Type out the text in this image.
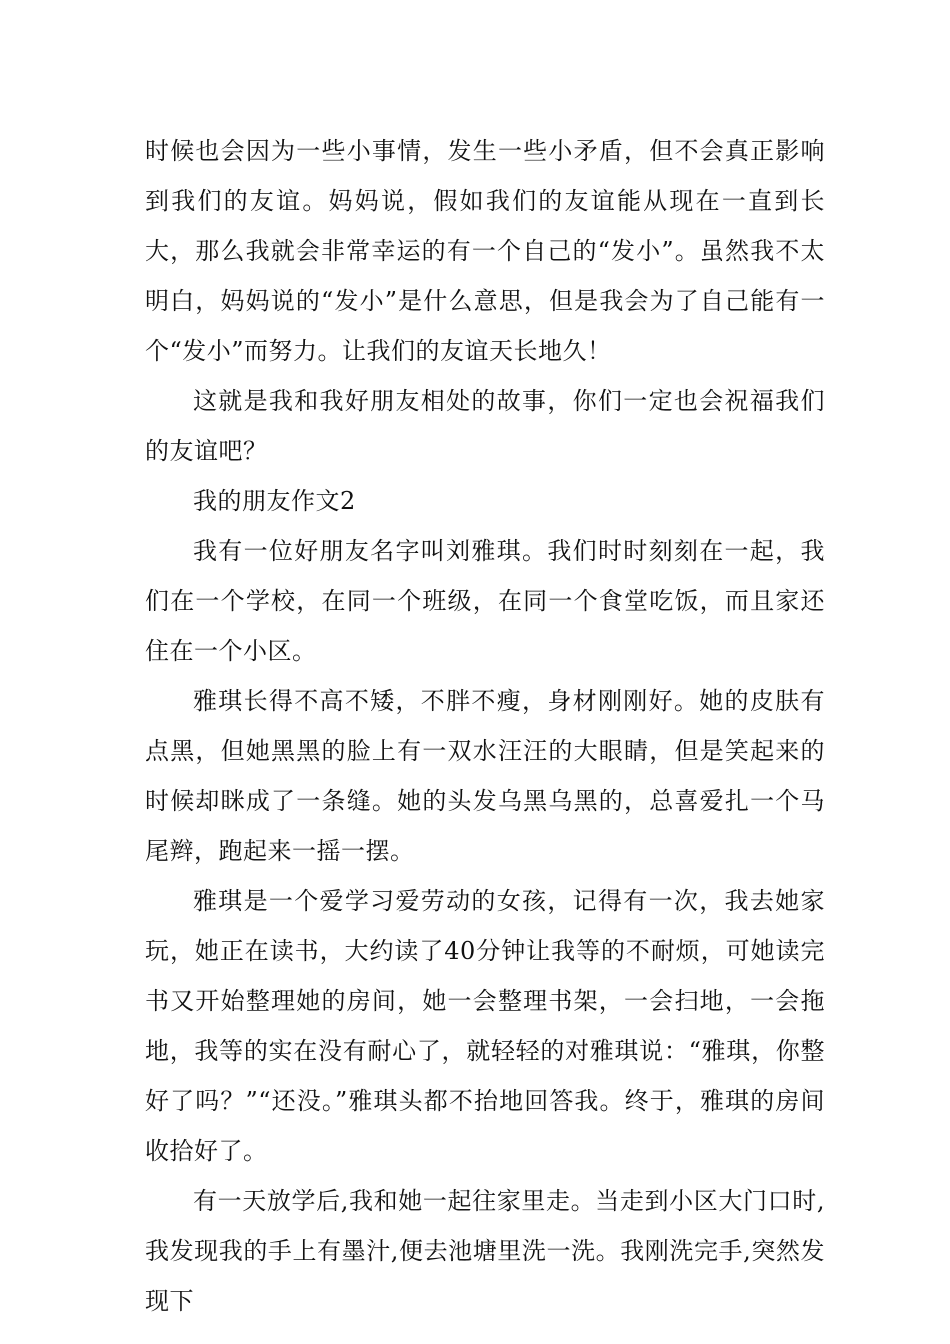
时候也会因为一些小事情，发生一些小矛盾，但不会真正影响到我们的友谊。妈妈说，假如我们的友谊能从现在一直到长大，那么我就会非常幸运的有一个自己的“发小”。虽然我不太明白，妈妈说的“发小”是什么意思，但是我会为了自己能有一个“发小”而努力。让我们的友谊天长地久！

这就是我和我好朋友相处的故事，你们一定也会祝福我们的友谊吧？

我的朋友作文2

我有一位好朋友名字叫刘雅琪。我们时时刻刻在一起，我们在一个学校，在同一个班级，在同一个食堂吃饭，而且家还住在一个小区。

雅琪长得不高不矮，不胖不瘦，身材刚刚好。她的皮肤有点黑，但她黑黑的脸上有一双水汪汪的大眼睛，但是笑起来的时候却眯成了一条缝。她的头发乌黑乌黑的，总喜爱扎一个马尾辫，跑起来一摇一摆。

雅琪是一个爱学习爱劳动的女孩，记得有一次，我去她家玩，她正在读书，大约读了40分钟让我等的不耐烦，可她读完书又开始整理她的房间，她一会整理书架，一会扫地，一会拖地，我等的实在没有耐心了，就轻轻的对雅琪说：“雅琪，你整好了吗？”“还没。”雅琪头都不抬地回答我。终于，雅琪的房间收拾好了。

有一天放学后,我和她一起往家里走。当走到小区大门口时,我发现我的手上有墨汁,便去池塘里洗一洗。我刚洗完手,突然发现下
